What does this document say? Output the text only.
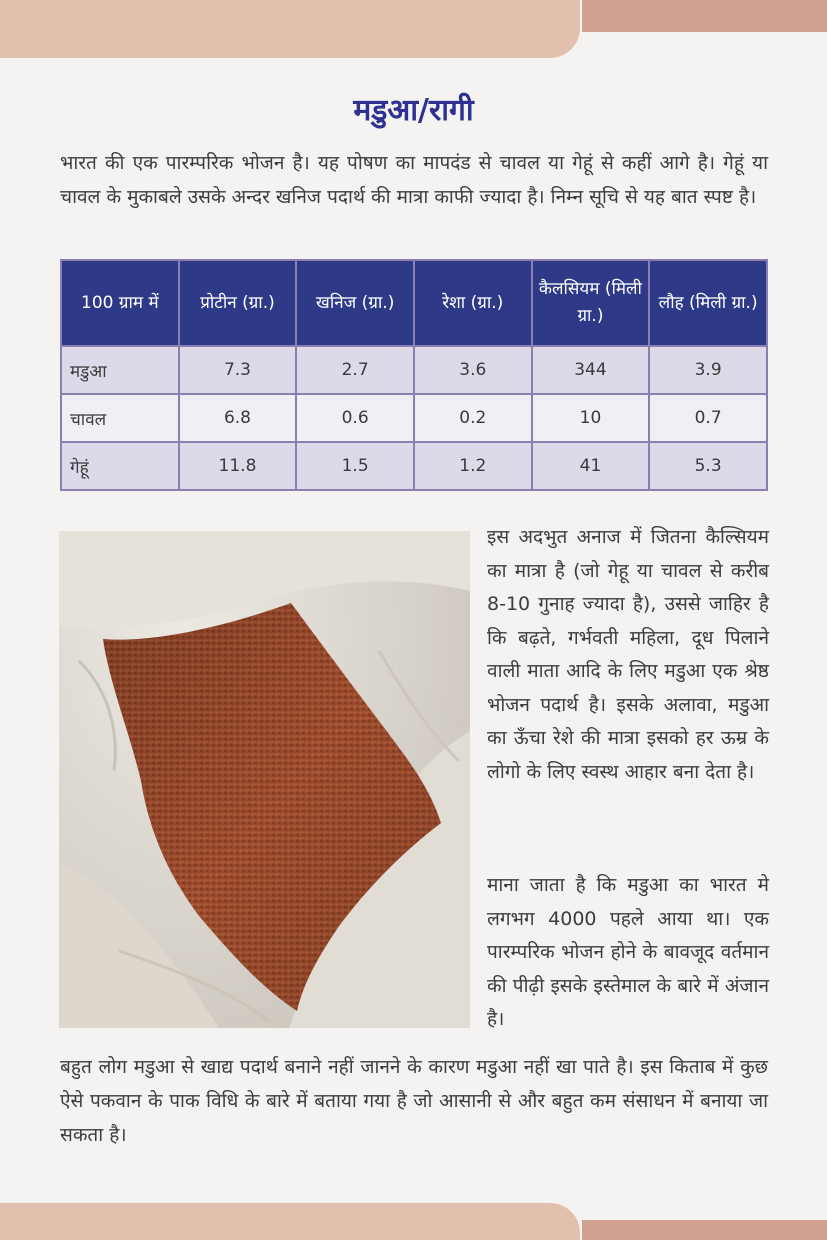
मडुआ/रागी

भारत की एक पारम्परिक भोजन है। यह पोषण का मापदंड से चावल या गेहूं से कहीं आगे है। गेहूं या चावल के मुकाबले उसके अन्दर खनिज पदार्थ की मात्रा काफी ज्यादा है। निम्न सूचि से यह बात स्पष्ट है।

100 ग्राम में	प्रोटीन (ग्रा.)	खनिज (ग्रा.)	रेशा (ग्रा.)	कैलसियम (मिली ग्रा.)	लौह (मिली ग्रा.)
मडुआ	7.3	2.7	3.6	344	3.9
चावल	6.8	0.6	0.2	10	0.7
गेहूं	11.8	1.5	1.2	41	5.3

इस अदभुत अनाज में जितना कैल्सियम का मात्रा है (जो गेहू या चावल से करीब 8-10 गुनाह ज्यादा है), उससे जाहिर है कि बढ़ते, गर्भवती महिला, दूध पिलाने वाली माता आदि के लिए मडुआ एक श्रेष्ठ भोजन पदार्थ है। इसके अलावा, मडुआ का ऊँचा रेशे की मात्रा इसको हर ऊम्र के लोगो के लिए स्वस्थ आहार बना देता है।

माना जाता है कि मडुआ का भारत मे लगभग 4000 पहले आया था। एक पारम्परिक भोजन होने के बावजूद वर्तमान की पीढ़ी इसके इस्तेमाल के बारे में अंजान है।

बहुत लोग मडुआ से खाद्य पदार्थ बनाने नहीं जानने के कारण मडुआ नहीं खा पाते है। इस किताब में कुछ ऐसे पकवान के पाक विधि के बारे में बताया गया है जो आसानी से और बहुत कम संसाधन में बनाया जा सकता है।
